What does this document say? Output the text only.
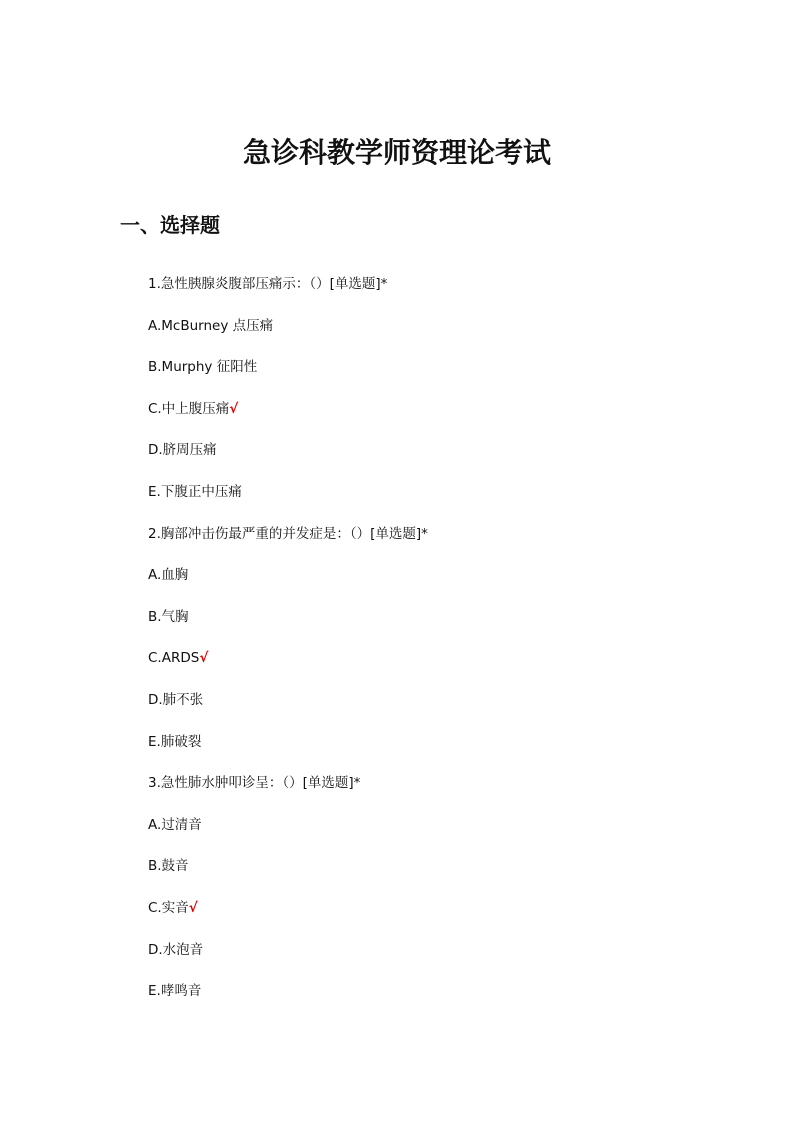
急诊科教学师资理论考试
一、选择题
1.急性胰腺炎腹部压痛示：（）[单选题]*
A.McBurney 点压痛
B.Murphy 征阳性
C.中上腹压痛√
D.脐周压痛
E.下腹正中压痛
2.胸部冲击伤最严重的并发症是：（）[单选题]*
A.血胸
B.气胸
C.ARDS√
D.肺不张
E.肺破裂
3.急性肺水肿叩诊呈：（）[单选题]*
A.过清音
B.鼓音
C.实音√
D.水泡音
E.哮鸣音
